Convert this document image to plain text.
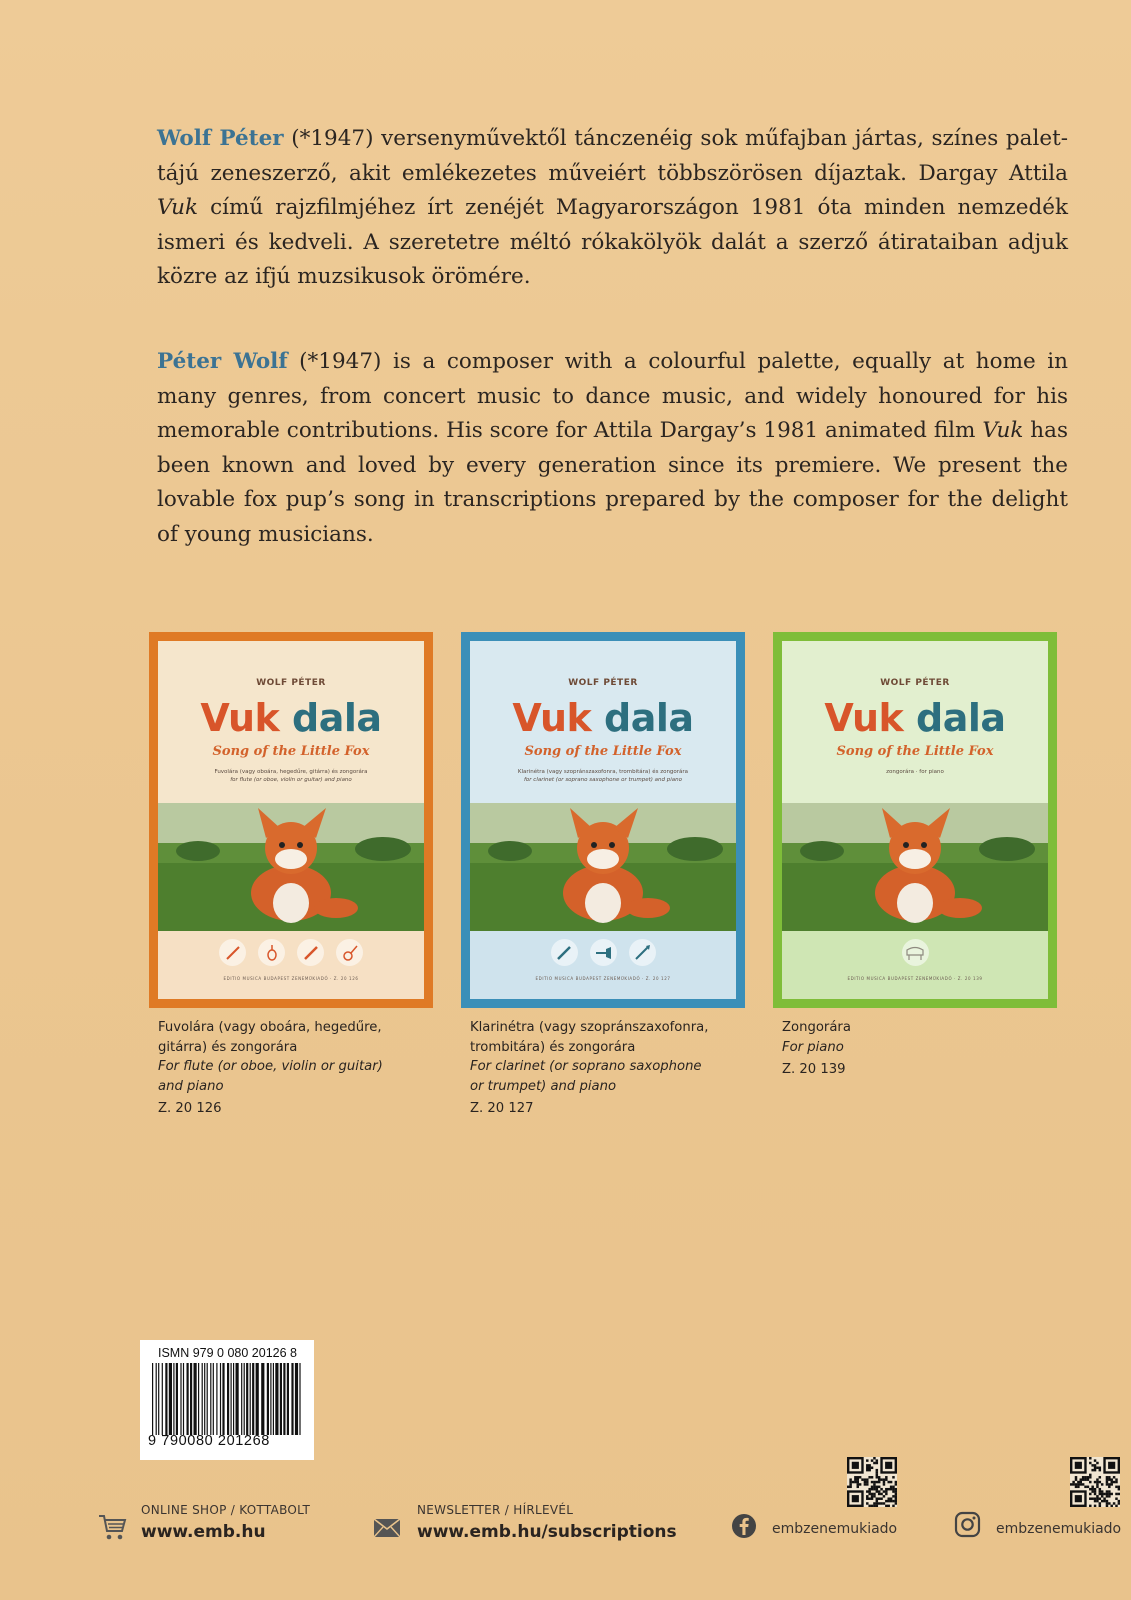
Wolf Péter (*1947) versenyművektől tánczenéig sok műfajban jártas, színes palettájú zeneszerző, akit emlékezetes műveiért többszörösen díjaztak. Dargay Attila Vuk című rajzfilmjéhez írt zenéjét Magyarországon 1981 óta minden nemzedék ismeri és kedveli. A szeretetre méltó rókakölyök dalát a szerző átirataiban adjuk közre az ifjú muzsikusok örömére.

Péter Wolf (*1947) is a composer with a colourful palette, equally at home in many genres, from concert music to dance music, and widely honoured for his memorable contributions. His score for Attila Dargay’s 1981 animated film Vuk has been known and loved by every generation since its premiere. We present the lovable fox pup’s song in transcriptions prepared by the composer for the delight of young musicians.

WOLF PÉTER
Vuk dala
Song of the Little Fox
Fuvolára (vagy oboára, hegedűre, gitárra) és zongorára
for flute (or oboe, violin or guitar) and piano
EDITIO MUSICA BUDAPEST ZENEMŰKIADÓ · Z. 20 126
WOLF PÉTER
Vuk dala
Song of the Little Fox
Klarinétra (vagy szopránszaxofonra, trombitára) és zongorára
for clarinet (or soprano saxophone or trumpet) and piano
EDITIO MUSICA BUDAPEST ZENEMŰKIADÓ · Z. 20 127
WOLF PÉTER
Vuk dala
Song of the Little Fox
zongorára · for piano
EDITIO MUSICA BUDAPEST ZENEMŰKIADÓ · Z. 20 139
Fuvolára (vagy oboára, hegedűre,
gitárra) és zongorára
For flute (or oboe, violin or guitar)
and piano
Z. 20 126
Klarinétra (vagy szopránszaxofonra,
trombitára) és zongorára
For clarinet (or soprano saxophone
or trumpet) and piano
Z. 20 127
Zongorára
For piano
Z. 20 139
ISMN 979 0 080 20126 8
9 790080 201268
ONLINE SHOP / KOTTABOLT
www.emb.hu
NEWSLETTER / HÍRLEVÉL
www.emb.hu/subscriptions	embzenemukiado	embzenemukiado
